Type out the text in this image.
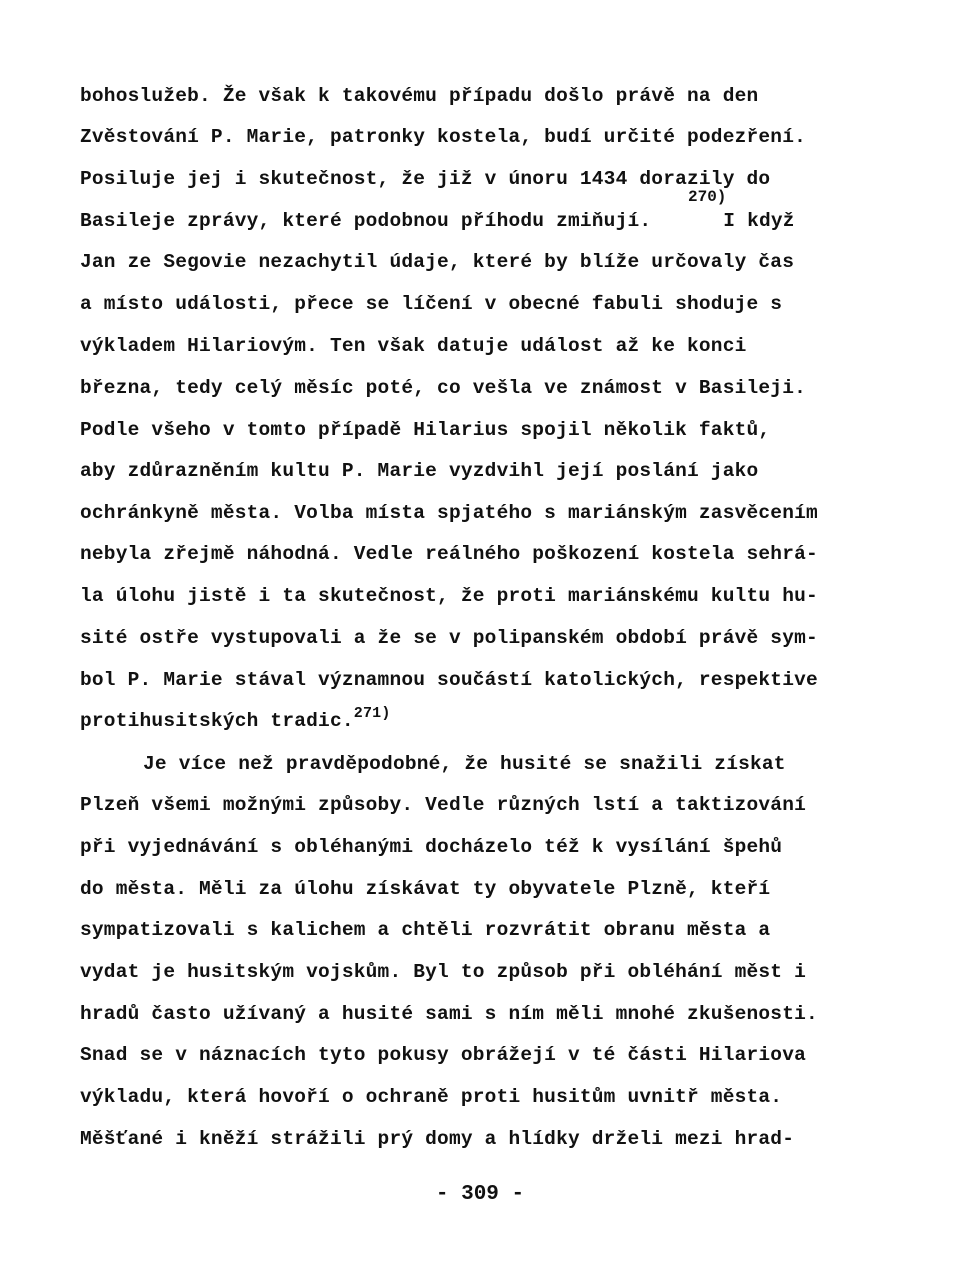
bohoslužeb. Že však k takovému případu došlo právě na den
Zvěstování P. Marie, patronky kostela, budí určité podezření.
Posiluje jej i skutečnost, že již v únoru 1434 dorazily do
270)
Basileje zprávy, které podobnou příhodu zmiňují.	I když
Jan ze Segovie nezachytil údaje, které by blíže určovaly čas
a místo události, přece se líčení v obecné fabuli shoduje s
výkladem Hilariovým. Ten však datuje událost až ke konci
března, tedy celý měsíc poté, co vešla ve známost v Basileji.
Podle všeho v tomto případě Hilarius spojil několik faktů,
aby zdůrazněním kultu P. Marie vyzdvihl její poslání jako
ochránkyně města. Volba místa spjatého s mariánským zasvěcením
nebyla zřejmě náhodná. Vedle reálného poškození kostela sehrá-
la úlohu jistě i ta skutečnost, že proti mariánskému kultu hu-
sité ostře vystupovali a že se v polipanském období právě sym-
bol P. Marie stával významnou součástí katolických, respektive
protihusitských tradic.$^{271)}$
Je více než pravděpodobné, že husité se snažili získat
Plzeň všemi možnými způsoby. Vedle různých lstí a taktizování
při vyjednávání s obléhanými docházelo též k vysílání špehů
do města. Měli za úlohu získávat ty obyvatele Plzně, kteří
sympatizovali s kalichem a chtěli rozvrátit obranu města a
vydat je husitským vojskům. Byl to způsob při obléhání měst i
hradů často užívaný a husité sami s ním měli mnohé zkušenosti.
Snad se v náznacích tyto pokusy obrážejí v té části Hilariova
výkladu, která hovoří o ochraně proti husitům uvnitř města.
Měšťané i kněží strážili prý domy a hlídky drželi mezi hrad-
- 309 -
